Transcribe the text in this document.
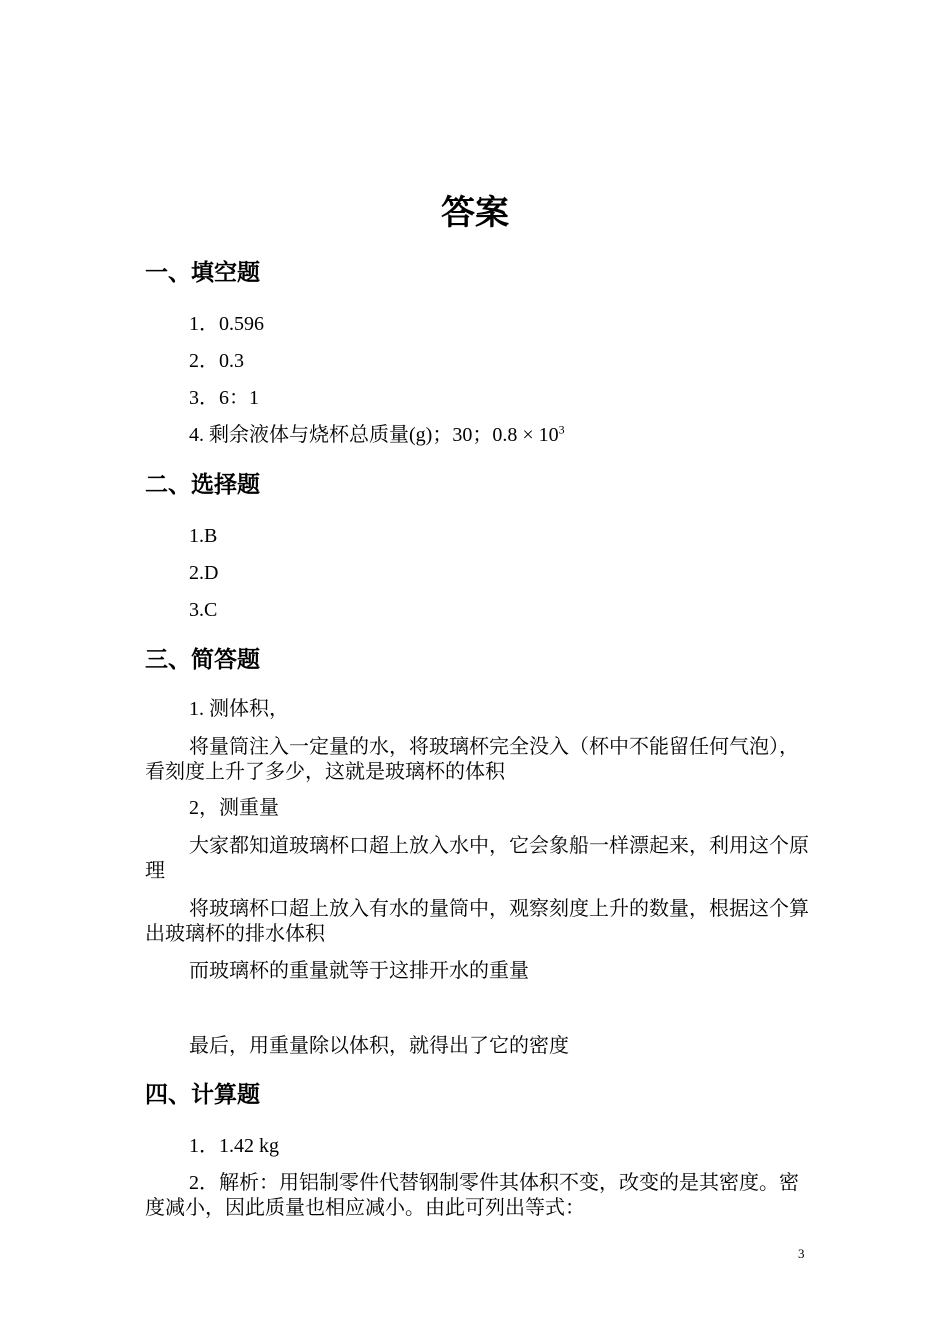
答案
一、填空题

1．0.596

2．0.3

3．6：1

4. 剩余液体与烧杯总质量(g)；30；$0.8 \times 10^3$

二、选择题

1.B

2.D

3.C

三、简答题

1. 测体积，

将量筒注入一定量的水，将玻璃杯完全没入（杯中不能留任何气泡），看刻度上升了多少，这就是玻璃杯的体积

2，测重量

大家都知道玻璃杯口超上放入水中，它会象船一样漂起来，利用这个原理

将玻璃杯口超上放入有水的量筒中，观察刻度上升的数量，根据这个算出玻璃杯的排水体积

而玻璃杯的重量就等于这排开水的重量

最后，用重量除以体积，就得出了它的密度

四、计算题

1．1.42 kg

2．解析：用铝制零件代替钢制零件其体积不变，改变的是其密度。密度减小，因此质量也相应减小。由此可列出等式：

3
